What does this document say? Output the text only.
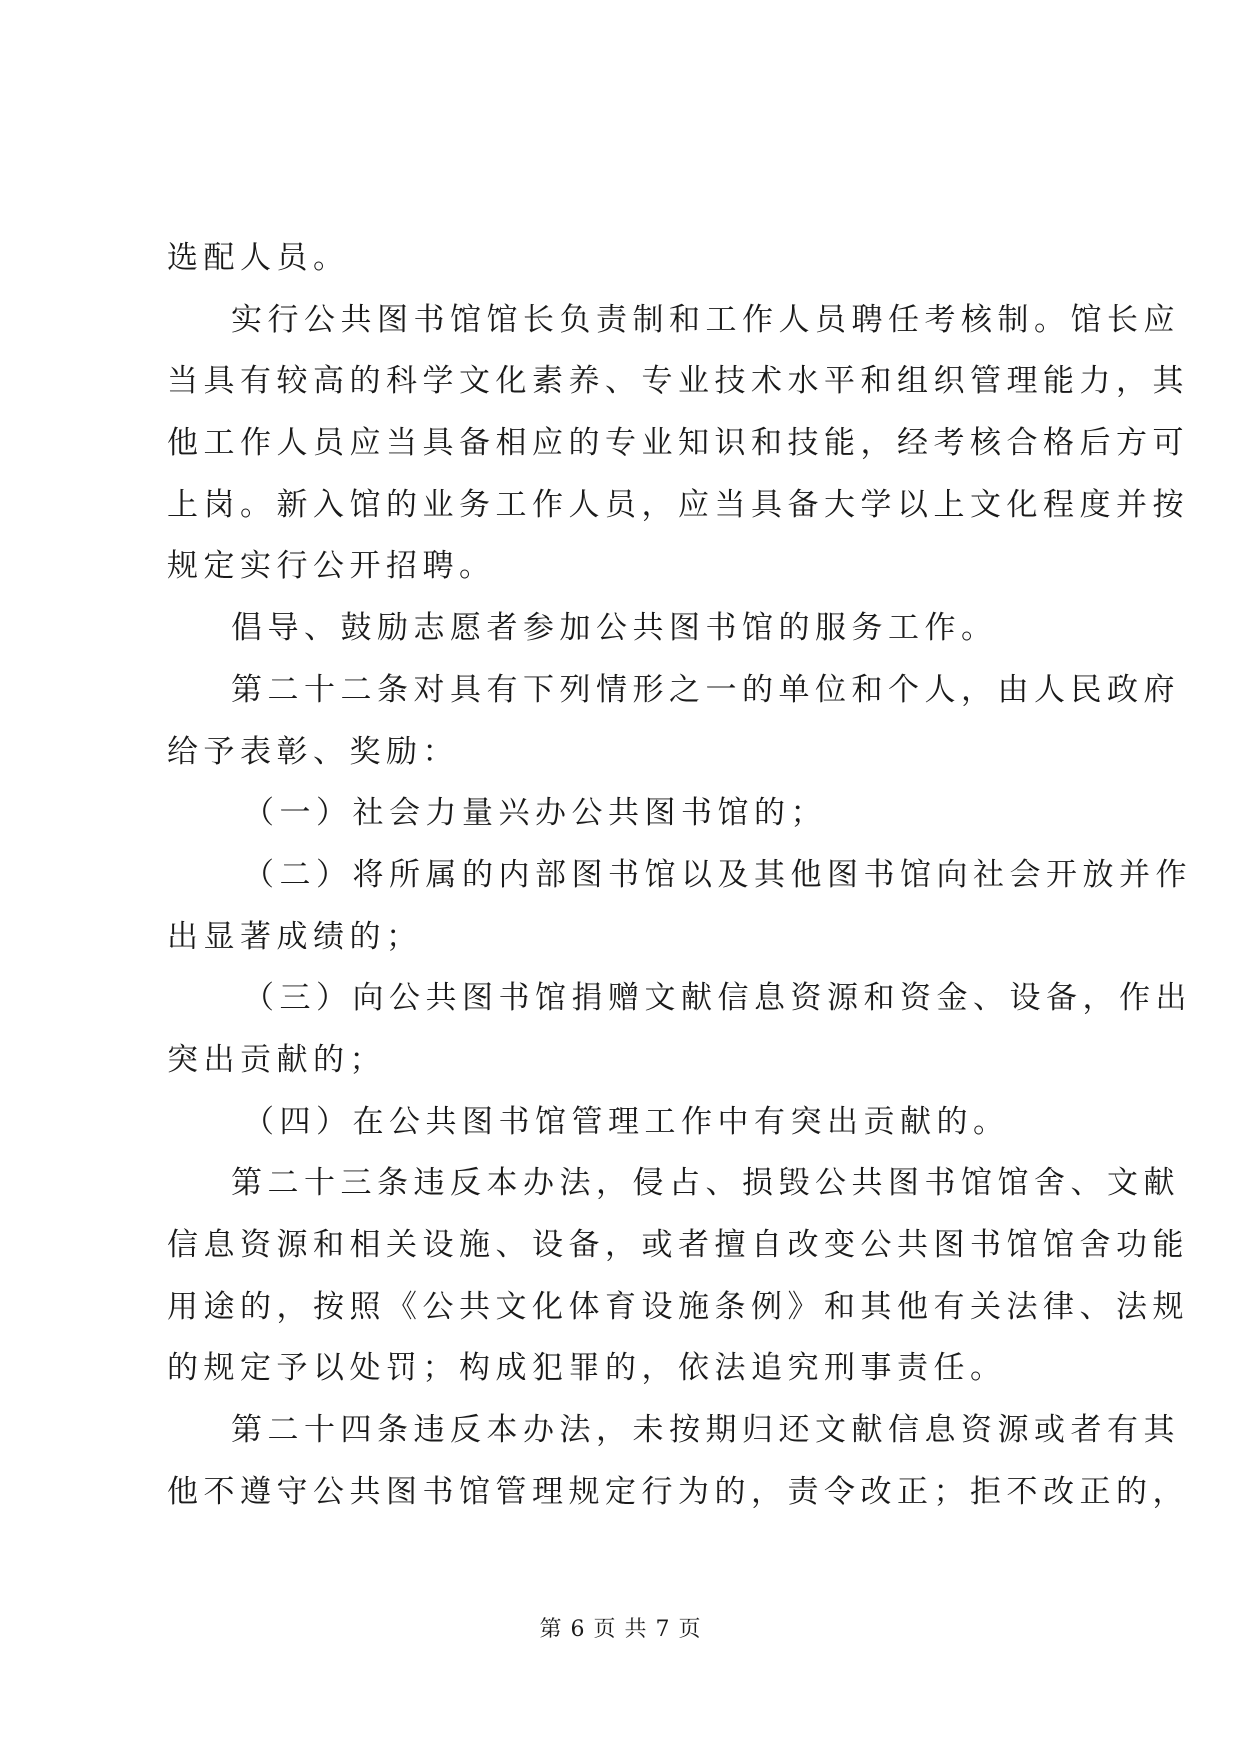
选配人员。
实行公共图书馆馆长负责制和工作人员聘任考核制。馆长应
当具有较高的科学文化素养、专业技术水平和组织管理能力，其
他工作人员应当具备相应的专业知识和技能，经考核合格后方可
上岗。新入馆的业务工作人员，应当具备大学以上文化程度并按
规定实行公开招聘。
倡导、鼓励志愿者参加公共图书馆的服务工作。
第二十二条对具有下列情形之一的单位和个人，由人民政府
给予表彰、奖励：
（一）社会力量兴办公共图书馆的；
（二）将所属的内部图书馆以及其他图书馆向社会开放并作
出显著成绩的；
（三）向公共图书馆捐赠文献信息资源和资金、设备，作出
突出贡献的；
（四）在公共图书馆管理工作中有突出贡献的。
第二十三条违反本办法，侵占、损毁公共图书馆馆舍、文献
信息资源和相关设施、设备，或者擅自改变公共图书馆馆舍功能
用途的，按照《公共文化体育设施条例》和其他有关法律、法规
的规定予以处罚；构成犯罪的，依法追究刑事责任。
第二十四条违反本办法，未按期归还文献信息资源或者有其
他不遵守公共图书馆管理规定行为的，责令改正；拒不改正的，
第 6 页 共 7 页
